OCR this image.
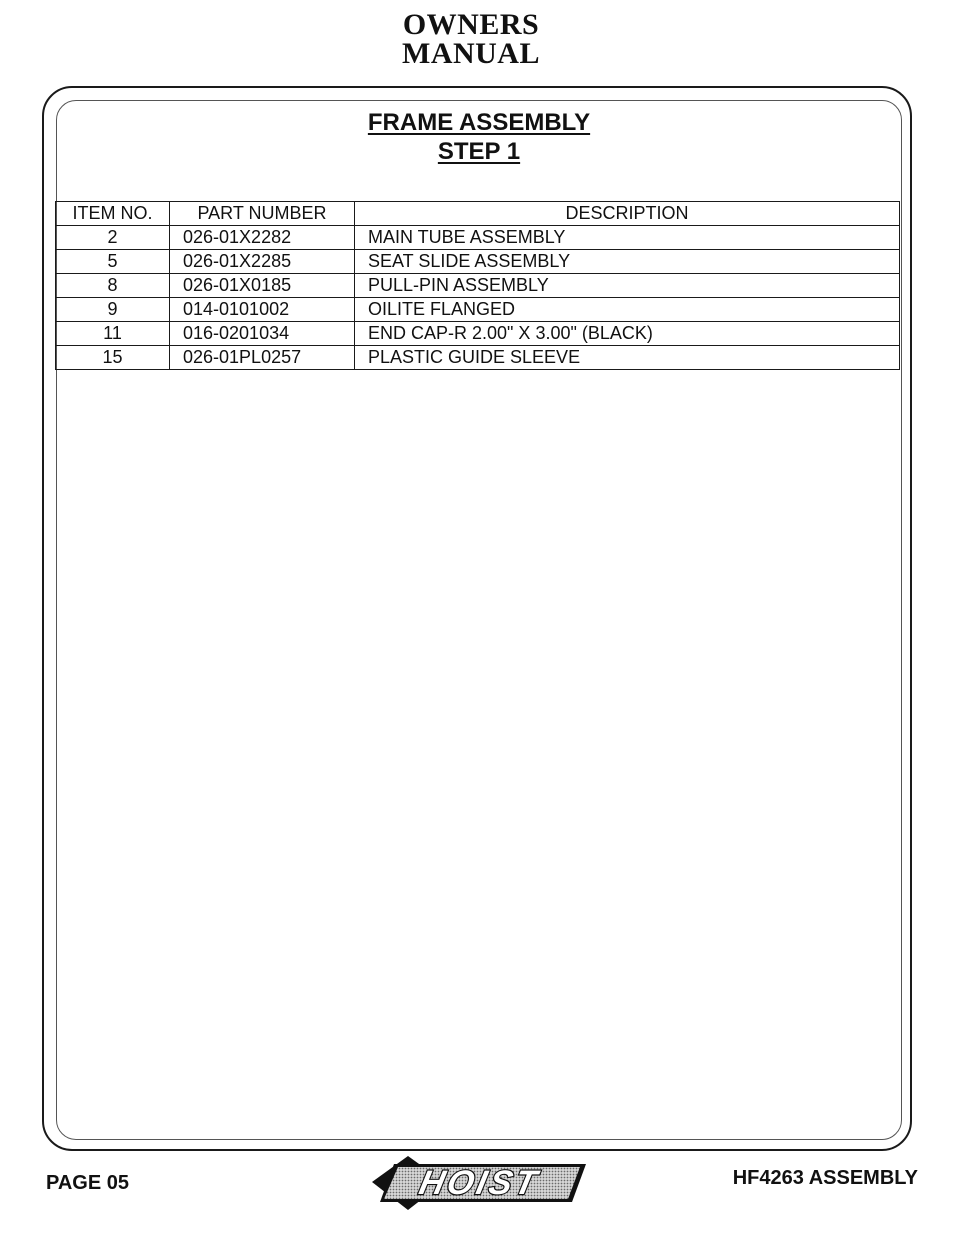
OWNERS
MANUAL
FRAME ASSEMBLY
STEP 1
ITEM NO.	PART NUMBER	DESCRIPTION
2	026-01X2282	MAIN TUBE ASSEMBLY
5	026-01X2285	SEAT SLIDE ASSEMBLY
8	026-01X0185	PULL-PIN ASSEMBLY
9	014-0101002	OILITE FLANGED
11	016-0201034	END CAP-R 2.00" X 3.00" (BLACK)
15	026-01PL0257	PLASTIC GUIDE SLEEVE
PAGE 05	HOIST	HF4263 ASSEMBLY
